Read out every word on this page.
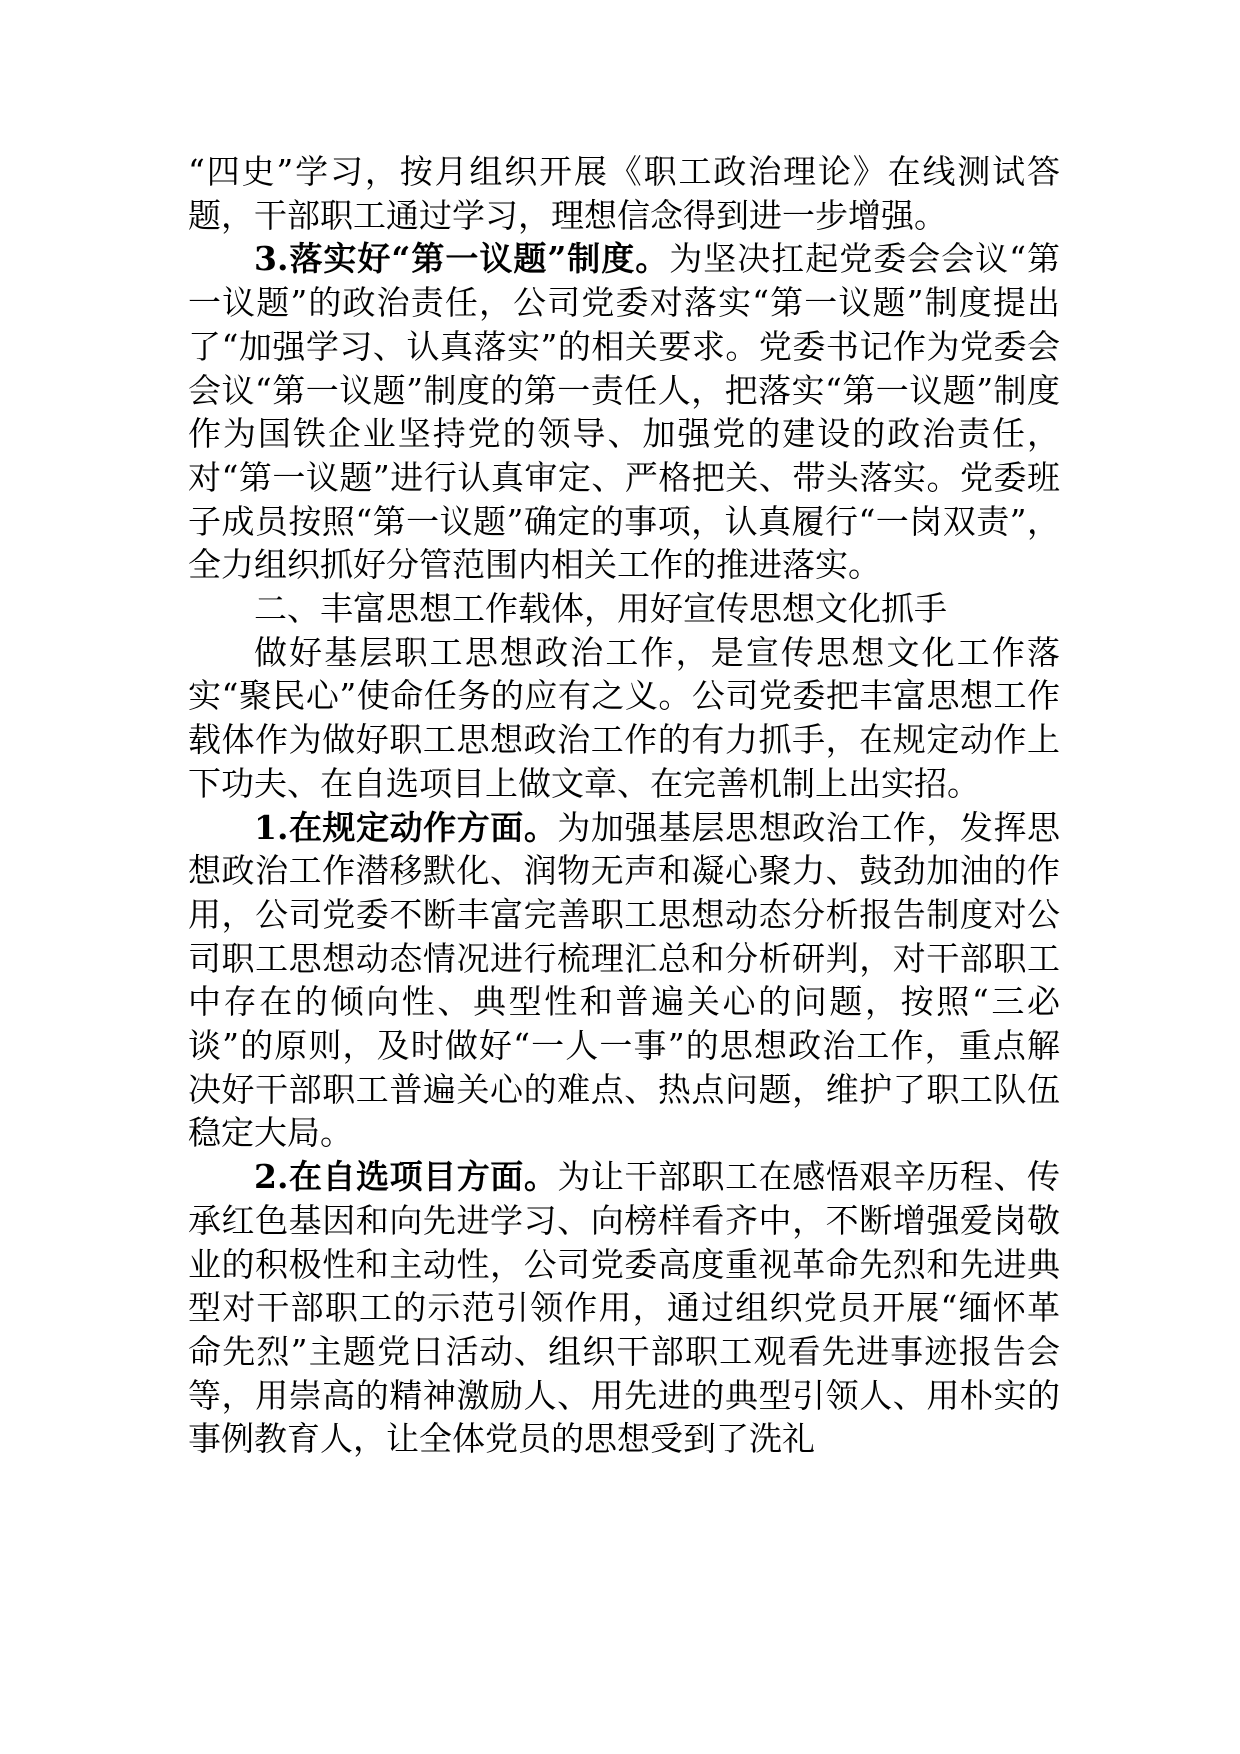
“四史”学习，按月组织开展《职工政治理论》在线测试答题，干部职工通过学习，理想信念得到进一步增强。

3.落实好“第一议题”制度。为坚决扛起党委会会议“第一议题”的政治责任，公司党委对落实“第一议题”制度提出了“加强学习、认真落实”的相关要求。党委书记作为党委会会议“第一议题”制度的第一责任人，把落实“第一议题”制度作为国铁企业坚持党的领导、加强党的建设的政治责任，对“第一议题”进行认真审定、严格把关、带头落实。党委班子成员按照“第一议题”确定的事项，认真履行“一岗双责”，全力组织抓好分管范围内相关工作的推进落实。

二、丰富思想工作载体，用好宣传思想文化抓手

做好基层职工思想政治工作，是宣传思想文化工作落实“聚民心”使命任务的应有之义。公司党委把丰富思想工作载体作为做好职工思想政治工作的有力抓手，在规定动作上下功夫、在自选项目上做文章、在完善机制上出实招。

1.在规定动作方面。为加强基层思想政治工作，发挥思想政治工作潜移默化、润物无声和凝心聚力、鼓劲加油的作用，公司党委不断丰富完善职工思想动态分析报告制度对公司职工思想动态情况进行梳理汇总和分析研判，对干部职工中存在的倾向性、典型性和普遍关心的问题，按照“三必谈”的原则，及时做好“一人一事”的思想政治工作，重点解决好干部职工普遍关心的难点、热点问题，维护了职工队伍稳定大局。

2.在自选项目方面。为让干部职工在感悟艰辛历程、传承红色基因和向先进学习、向榜样看齐中，不断增强爱岗敬业的积极性和主动性，公司党委高度重视革命先烈和先进典型对干部职工的示范引领作用，通过组织党员开展“缅怀革命先烈”主题党日活动、组织干部职工观看先进事迹报告会等，用崇高的精神激励人、用先进的典型引领人、用朴实的事例教育人，让全体党员的思想受到了洗礼
